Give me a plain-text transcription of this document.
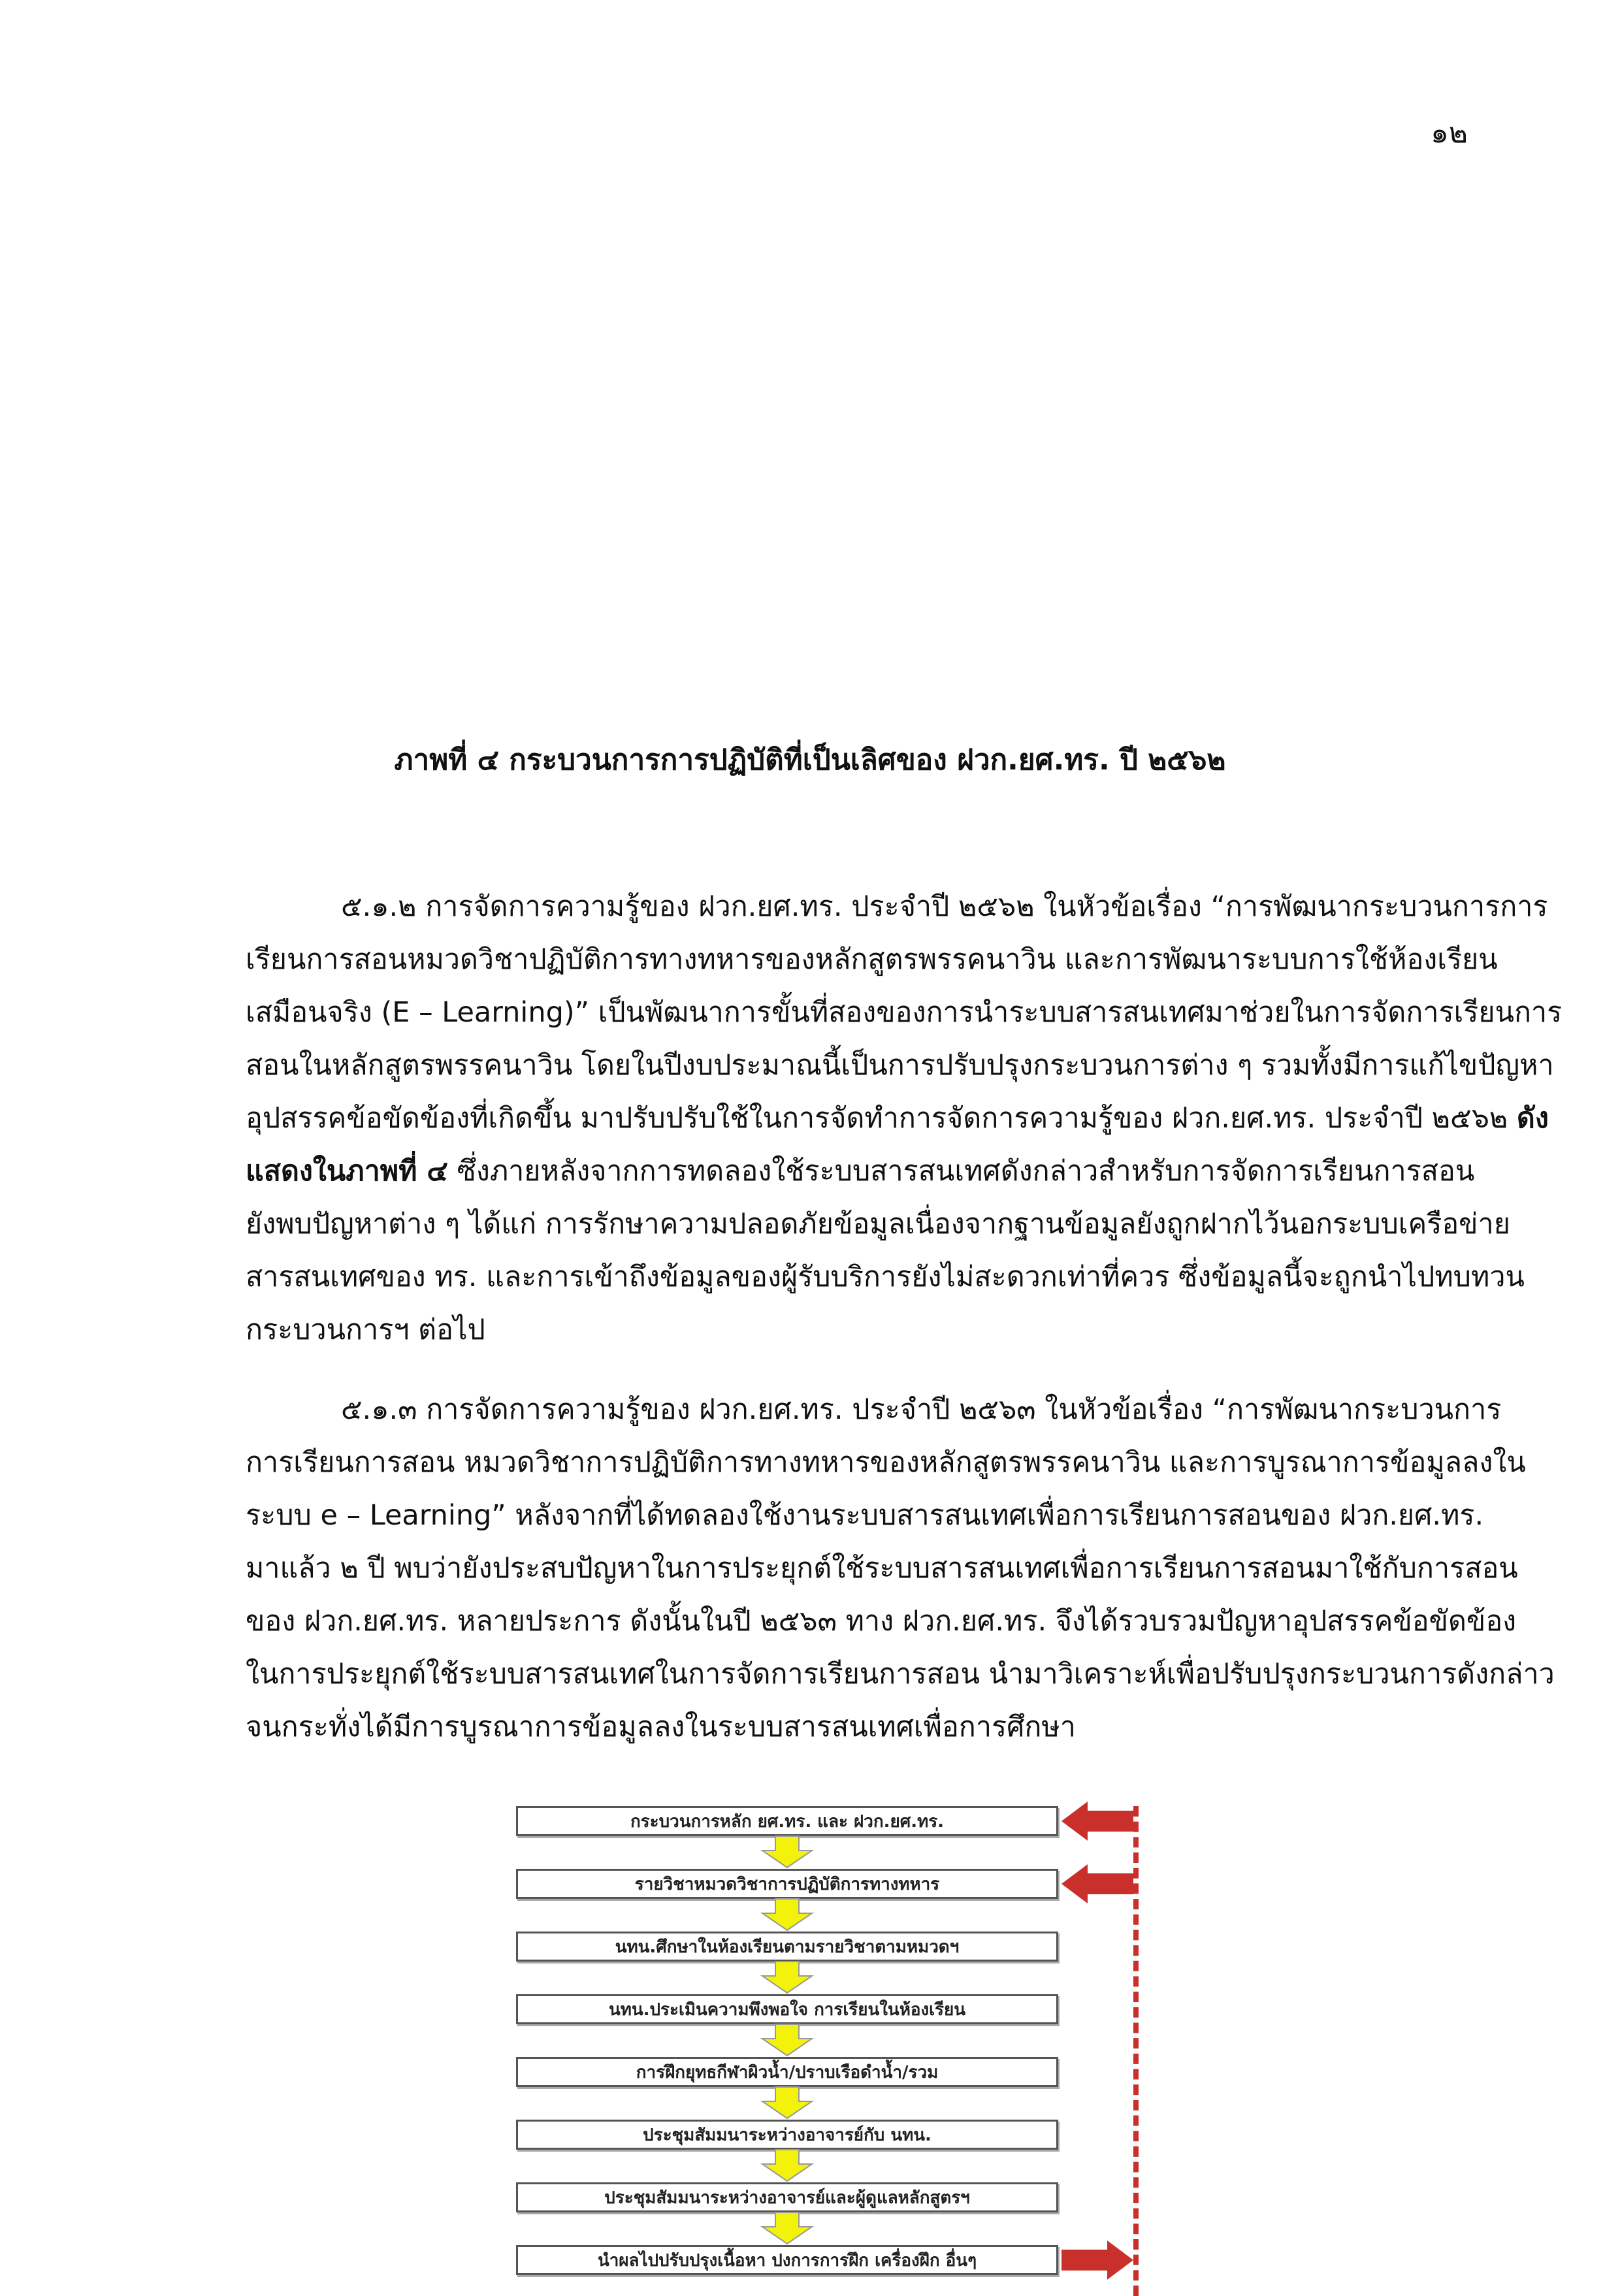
๑๒
ภาพที่ ๔ กระบวนการการปฏิบัติที่เป็นเลิศของ ฝวก.ยศ.ทร. ปี ๒๕๖๒

๕.๑.๒ การจัดการความรู้ของ ฝวก.ยศ.ทร. ประจำปี ๒๕๖๒ ในหัวข้อเรื่อง “การพัฒนากระบวนการการ
เรียนการสอนหมวดวิชาปฏิบัติการทางทหารของหลักสูตรพรรคนาวิน และการพัฒนาระบบการใช้ห้องเรียน
เสมือนจริง (E – Learning)” เป็นพัฒนาการขั้นที่สองของการนำระบบสารสนเทศมาช่วยในการจัดการเรียนการ
สอนในหลักสูตรพรรคนาวิน โดยในปีงบประมาณนี้เป็นการปรับปรุงกระบวนการต่าง ๆ รวมทั้งมีการแก้ไขปัญหา
อุปสรรคข้อขัดข้องที่เกิดขึ้น มาปรับปรับใช้ในการจัดทำการจัดการความรู้ของ ฝวก.ยศ.ทร. ประจำปี ๒๕๖๒ ดัง
แสดงในภาพที่ ๔ ซึ่งภายหลังจากการทดลองใช้ระบบสารสนเทศดังกล่าวสำหรับการจัดการเรียนการสอน
ยังพบปัญหาต่าง ๆ ได้แก่ การรักษาความปลอดภัยข้อมูลเนื่องจากฐานข้อมูลยังถูกฝากไว้นอกระบบเครือข่าย
สารสนเทศของ ทร. และการเข้าถึงข้อมูลของผู้รับบริการยังไม่สะดวกเท่าที่ควร ซึ่งข้อมูลนี้จะถูกนำไปทบทวน
กระบวนการฯ ต่อไป

๕.๑.๓ การจัดการความรู้ของ ฝวก.ยศ.ทร. ประจำปี ๒๕๖๓ ในหัวข้อเรื่อง “การพัฒนากระบวนการ
การเรียนการสอน หมวดวิชาการปฏิบัติการทางทหารของหลักสูตรพรรคนาวิน และการบูรณาการข้อมูลลงใน
ระบบ e – Learning” หลังจากที่ได้ทดลองใช้งานระบบสารสนเทศเพื่อการเรียนการสอนของ ฝวก.ยศ.ทร.
มาแล้ว ๒ ปี พบว่ายังประสบปัญหาในการประยุกต์ใช้ระบบสารสนเทศเพื่อการเรียนการสอนมาใช้กับการสอน
ของ ฝวก.ยศ.ทร. หลายประการ ดังนั้นในปี ๒๕๖๓ ทาง ฝวก.ยศ.ทร. จึงได้รวบรวมปัญหาอุปสรรคข้อขัดข้อง
ในการประยุกต์ใช้ระบบสารสนเทศในการจัดการเรียนการสอน นำมาวิเคราะห์เพื่อปรับปรุงกระบวนการดังกล่าว
จนกระทั่งได้มีการบูรณาการข้อมูลลงในระบบสารสนเทศเพื่อการศึกษา

กระบวนการหลัก ยศ.ทร. และ ฝวก.ยศ.ทร.
รายวิชาหมวดวิชาการปฏิบัติการทางทหาร
นทน.ศึกษาในห้องเรียนตามรายวิชาตามหมวดฯ
นทน.ประเมินความพึงพอใจ การเรียนในห้องเรียน
การฝึกยุทธกีฬาผิวน้ำ/ปราบเรือดำน้ำ/รวม
ประชุมสัมมนาระหว่างอาจารย์กับ นทน.
ประชุมสัมมนาระหว่างอาจารย์และผู้ดูแลหลักสูตรฯ
นำผลไปปรับปรุงเนื้อหา ปงการการฝึก เครื่องฝึก อื่นๆ
